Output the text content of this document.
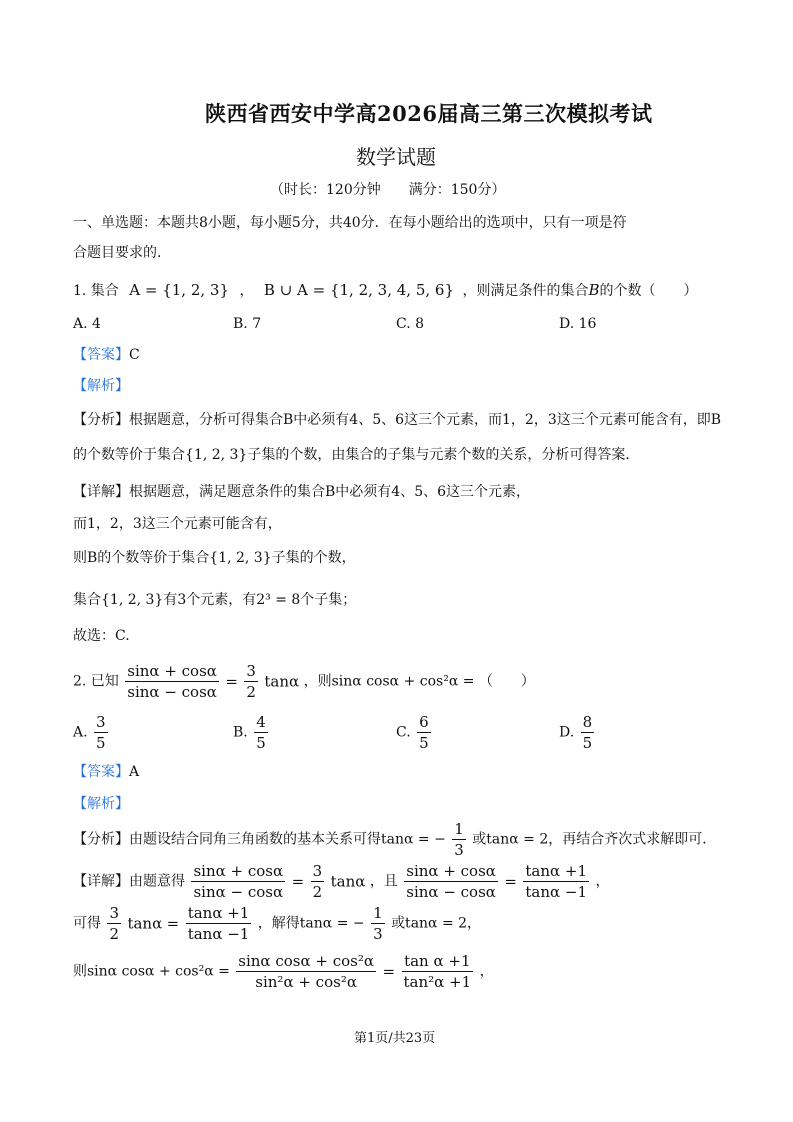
陕西省西安中学高2026届高三第三次模拟考试
数学试题
（时长：120分钟　　满分：150分）
一、单选题：本题共8小题，每小题5分，共40分．在每小题给出的选项中，只有一项是符
合题目要求的．
1. 集合 A = {1, 2, 3} ， B ∪ A = {1, 2, 3, 4, 5, 6} ，则满足条件的集合B的个数（　　）
A. 4	B. 7	C. 8	D. 16
【答案】C
【解析】
【分析】根据题意，分析可得集合B中必须有4、5、6这三个元素，而1，2，3这三个元素可能含有，即B
的个数等价于集合{1, 2, 3}子集的个数，由集合的子集与元素个数的关系，分析可得答案．
【详解】根据题意，满足题意条件的集合B中必须有4、5、6这三个元素，
而1，2，3这三个元素可能含有，
则B的个数等价于集合{1, 2, 3}子集的个数，
集合{1, 2, 3}有3个元素，有2³ = 8个子集；
故选：C.
2. 已知 $\frac{\sin\alpha + \cos\alpha}{\sin\alpha - \cos\alpha} = \frac{3}{2}$ tanα ，则sinα cosα + cos²α = （　　）
A. $\frac{3}{5}$	B. $\frac{4}{5}$	C. $\frac{6}{5}$	D. $\frac{8}{5}$
【答案】A
【解析】
【分析】由题设结合同角三角函数的基本关系可得tanα = − $\frac{1}{3}$ 或tanα = 2，再结合齐次式求解即可．
【详解】由题意得 $\frac{\sin\alpha + \cos\alpha}{\sin\alpha - \cos\alpha} = \frac{3}{2}$ tanα ，且 $\frac{\sin\alpha + \cos\alpha}{\sin\alpha - \cos\alpha} = \frac{\tan\alpha +1}{\tan\alpha -1}$ ，
可得 $\frac{3}{2}$ $\tan\alpha = \frac{\tan\alpha +1}{\tan\alpha -1}$ ，解得tanα = − $\frac{1}{3}$ 或tanα = 2，
则sinα $\cos\alpha + \cos^2\alpha = \frac{\text{sinα cosα + cos²α}}{\text{sin²α + cos²α}} = \frac{\text{tan α +1}}{\text{tan²α +1}}$ ，
第1页/共23页
